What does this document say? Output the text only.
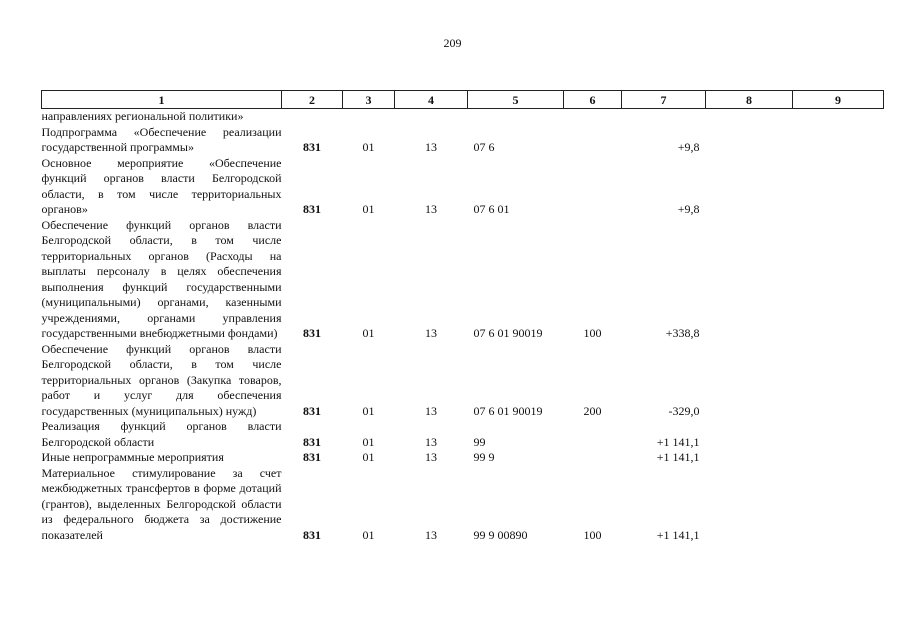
209
1	2	3	4	5	6	7	8	9

направлениях региональной политики»								

Подпрограмма «Обеспечение реализации государственной программы»	831	01	13	07 6		+9,8		

Основное мероприятие «Обеспечение функций органов власти Белгородской области, в том числе территориальных органов»	831	01	13	07 6 01		+9,8		

Обеспечение функций органов власти Белгородской области, в том числе территориальных органов (Расходы на выплаты персоналу в целях обеспечения выполнения функций государственными (муниципальными) органами, казенными учреждениями, органами управления государственными внебюджетными фондами)	831	01	13	07 6 01 90019	100	+338,8		

Обеспечение функций органов власти Белгородской области, в том числе территориальных органов (Закупка товаров, работ и услуг для обеспечения государственных (муниципальных) нужд)	831	01	13	07 6 01 90019	200	-329,0		

Реализация функций органов власти Белгородской области	831	01	13	99		+1 141,1		

Иные непрограммные мероприятия	831	01	13	99 9		+1 141,1		

Материальное стимулирование за счет межбюджетных трансфертов в форме дотаций (грантов), выделенных Белгородской области из федерального бюджета за достижение показателей	831	01	13	99 9 00890	100	+1 141,1		
